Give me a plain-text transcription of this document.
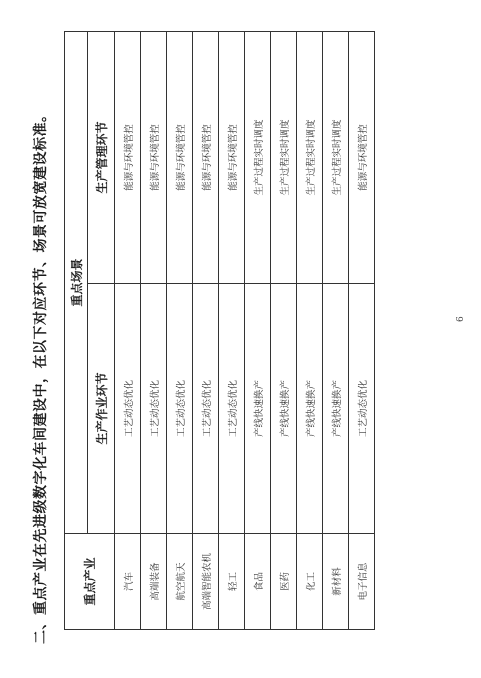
二、重点产业在先进级数字化车间建设中，在以下对应环节、场景可放宽建设标准。	重点产业	重点场景	
	生产作业环节	生产管理环节
汽车	工艺动态优化	能源与环境管控
高端装备	工艺动态优化	能源与环境管控
航空航天	工艺动态优化	能源与环境管控
高端智能农机	工艺动态优化	能源与环境管控
轻工	工艺动态优化	能源与环境管控
食品	产线快速换产	生产过程实时调度
医药	产线快速换产	生产过程实时调度
化工	产线快速换产	生产过程实时调度
新材料	产线快速换产	生产过程实时调度
电子信息	工艺动态优化	能源与环境管控
6
